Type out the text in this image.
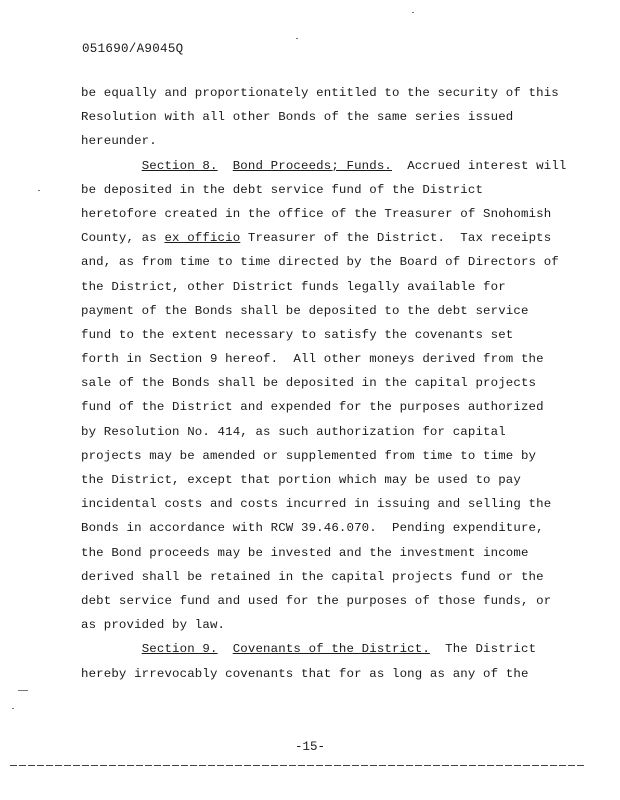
051690/A9045Q
be equally and proportionately entitled to the security of this
Resolution with all other Bonds of the same series issued
hereunder.
Section 8. Bond Proceeds; Funds.  Accrued interest will
be deposited in the debt service fund of the District
heretofore created in the office of the Treasurer of Snohomish
County, as ex officio Treasurer of the District.  Tax receipts
and, as from time to time directed by the Board of Directors of
the District, other District funds legally available for
payment of the Bonds shall be deposited to the debt service
fund to the extent necessary to satisfy the covenants set
forth in Section 9 hereof.  All other moneys derived from the
sale of the Bonds shall be deposited in the capital projects
fund of the District and expended for the purposes authorized
by Resolution No. 414, as such authorization for capital
projects may be amended or supplemented from time to time by
the District, except that portion which may be used to pay
incidental costs and costs incurred in issuing and selling the
Bonds in accordance with RCW 39.46.070.  Pending expenditure,
the Bond proceeds may be invested and the investment income
derived shall be retained in the capital projects fund or the
debt service fund and used for the purposes of those funds, or
as provided by law.
Section 9. Covenants of the District.  The District
hereby irrevocably covenants that for as long as any of the
-15-
